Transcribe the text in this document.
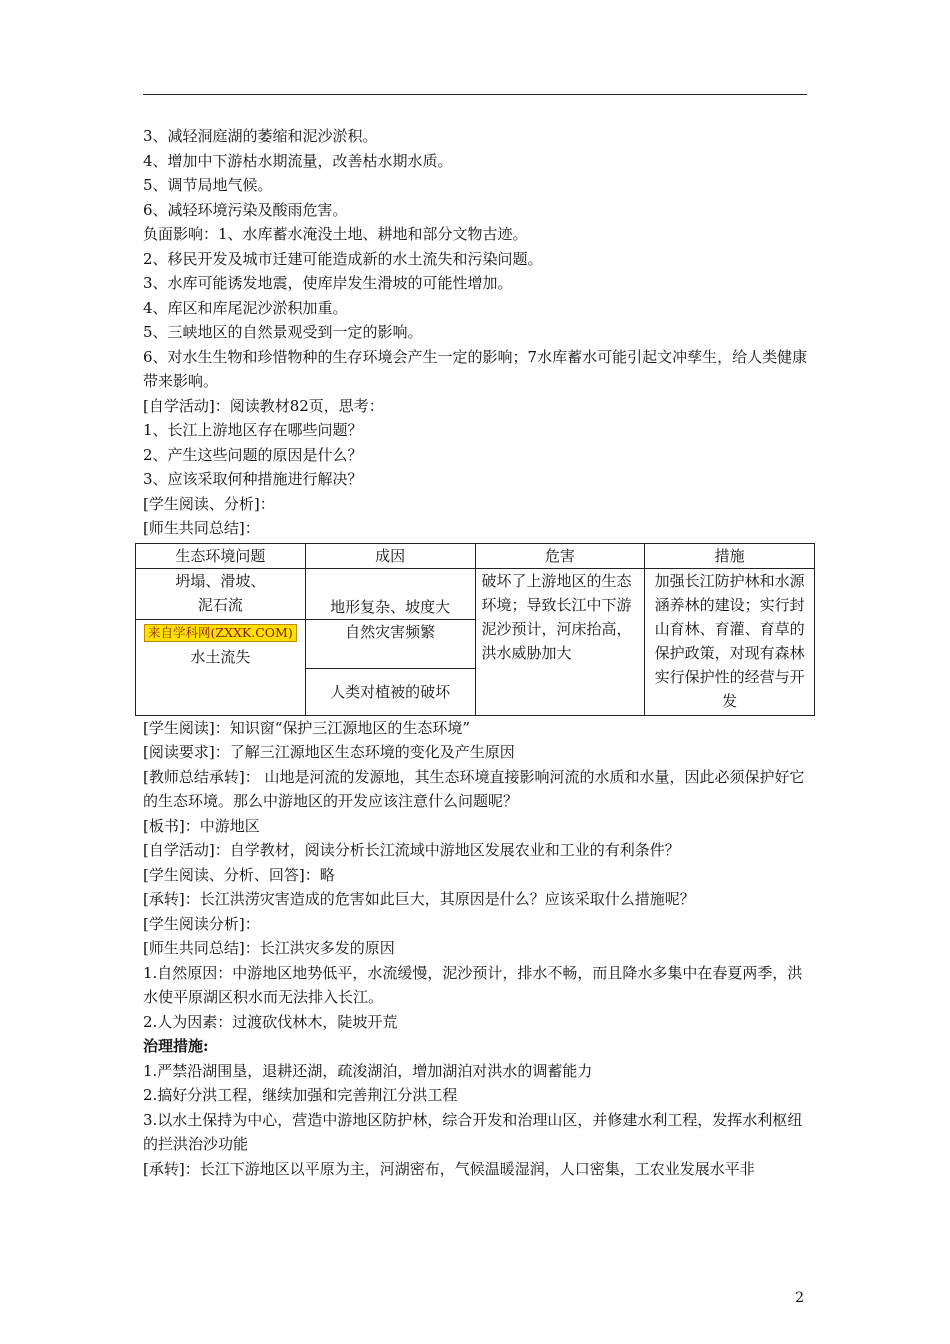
3、减轻洞庭湖的萎缩和泥沙淤积。
4、增加中下游枯水期流量，改善枯水期水质。
5、调节局地气候。
6、减轻环境污染及酸雨危害。
负面影响：1、水库蓄水淹没土地、耕地和部分文物古迹。
2、移民开发及城市迁建可能造成新的水土流失和污染问题。
3、水库可能诱发地震，使库岸发生滑坡的可能性增加。
4、库区和库尾泥沙淤积加重。
5、三峡地区的自然景观受到一定的影响。
6、对水生生物和珍惜物种的生存环境会产生一定的影响；7水库蓄水可能引起文冲孳生，给人类健康带来影响。
[自学活动]：阅读教材82页，思考：
1、长江上游地区存在哪些问题？
2、产生这些问题的原因是什么？
3、应该采取何种措施进行解决？
[学生阅读、分析]：
[师生共同总结]：
生态环境问题	成因	危害	措施

坍塌、滑坡、
泥石流	地形复杂、坡度大	破坏了上游地区的生态环境；导致长江中下游泥沙预计，河床抬高，洪水威胁加大	加强长江防护林和水源涵养林的建设；实行封山育林、育灌、育草的保护政策，对现有森林实行保护性的经营与开发

来自学科网(ZXXK.COM)
水土流失	自然灾害频繁		
	人类对植被的破坏		
[学生阅读]：知识窗“保护三江源地区的生态环境”
[阅读要求]：了解三江源地区生态环境的变化及产生原因
[教师总结承转]： 山地是河流的发源地，其生态环境直接影响河流的水质和水量，因此必须保护好它的生态环境。那么中游地区的开发应该注意什么问题呢？
[板书]：中游地区
[自学活动]：自学教材，阅读分析长江流域中游地区发展农业和工业的有利条件？
[学生阅读、分析、回答]：略
[承转]：长江洪涝灾害造成的危害如此巨大，其原因是什么？应该采取什么措施呢？
[学生阅读分析]：
[师生共同总结]：长江洪灾多发的原因
1.自然原因：中游地区地势低平，水流缓慢，泥沙预计，排水不畅，而且降水多集中在春夏两季，洪水使平原湖区积水而无法排入长江。
2.人为因素：过渡砍伐林木，陡坡开荒
治理措施:
1.严禁沿湖围垦，退耕还湖，疏浚湖泊，增加湖泊对洪水的调蓄能力
2.搞好分洪工程，继续加强和完善荆江分洪工程
3.以水土保持为中心，营造中游地区防护林，综合开发和治理山区，并修建水利工程，发挥水利枢纽的拦洪治沙功能
[承转]：长江下游地区以平原为主，河湖密布，气候温暖湿润，人口密集，工农业发展水平非
2
